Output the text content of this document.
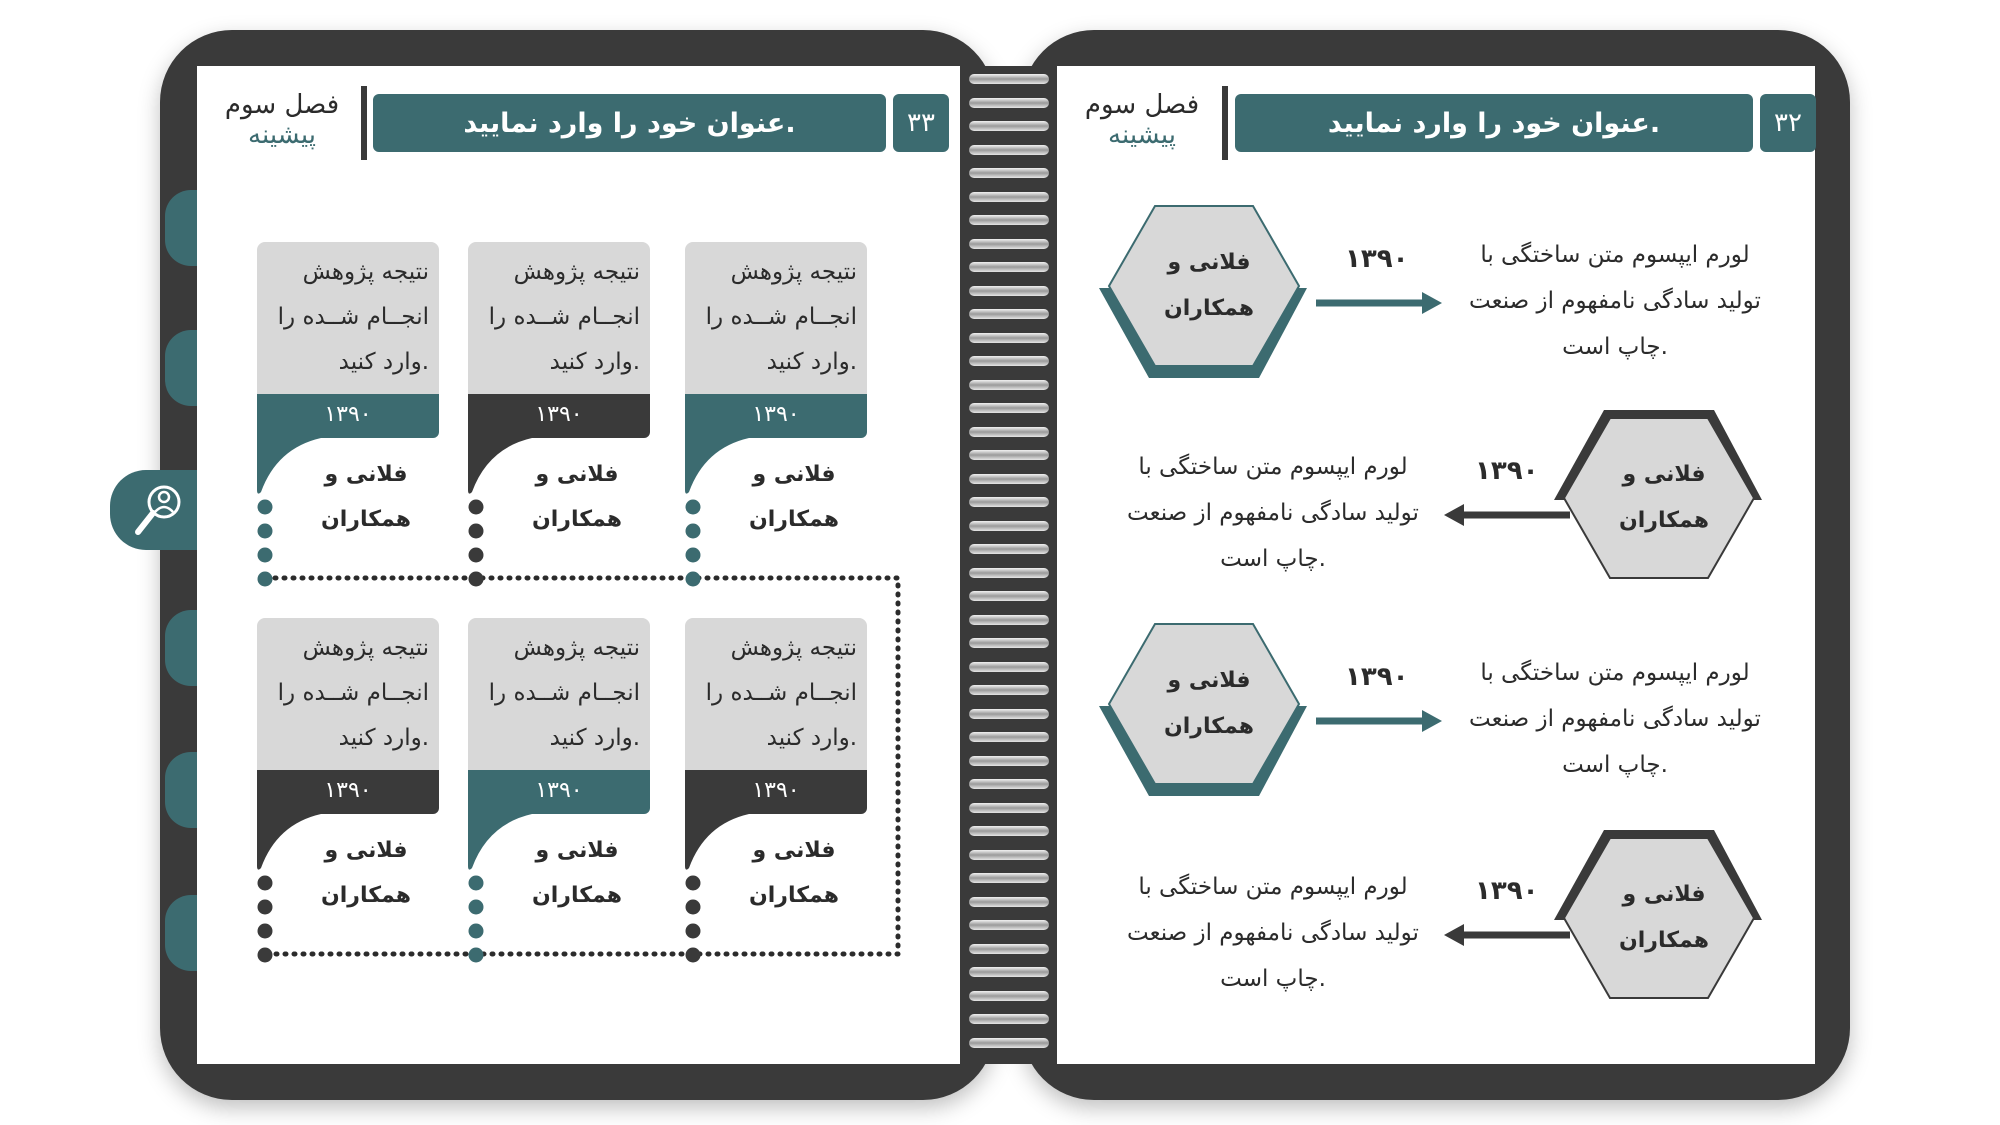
۳۳
عنوان خود را وارد نمایید.
فصل سوم
پیشینه	۳۲
عنوان خود را وارد نمایید.
فصل سوم
پیشینه
نتیجه پژوهش
انجــام شــده را
وارد کنید.
۱۳۹۰
فلانی و
همکاران
نتیجه پژوهش
انجــام شــده را
وارد کنید.
۱۳۹۰
فلانی و
همکاران
نتیجه پژوهش
انجــام شــده را
وارد کنید.
۱۳۹۰
فلانی و
همکاران
نتیجه پژوهش
انجــام شــده را
وارد کنید.
۱۳۹۰
فلانی و
همکاران
نتیجه پژوهش
انجــام شــده را
وارد کنید.
۱۳۹۰
فلانی و
همکاران
نتیجه پژوهش
انجــام شــده را
وارد کنید.
۱۳۹۰
فلانی و
همکاران
فلانی و
همکاران
۱۳۹۰	لورم ایپسوم متن ساختگی با
تولید سادگی نامفهوم از صنعت
چاپ است.
فلانی و
همکاران
۱۳۹۰
لورم ایپسوم متن ساختگی با
تولید سادگی نامفهوم از صنعت
چاپ است.
فلانی و
همکاران
۱۳۹۰	لورم ایپسوم متن ساختگی با
تولید سادگی نامفهوم از صنعت
چاپ است.
فلانی و
همکاران
۱۳۹۰
لورم ایپسوم متن ساختگی با
تولید سادگی نامفهوم از صنعت
چاپ است.
